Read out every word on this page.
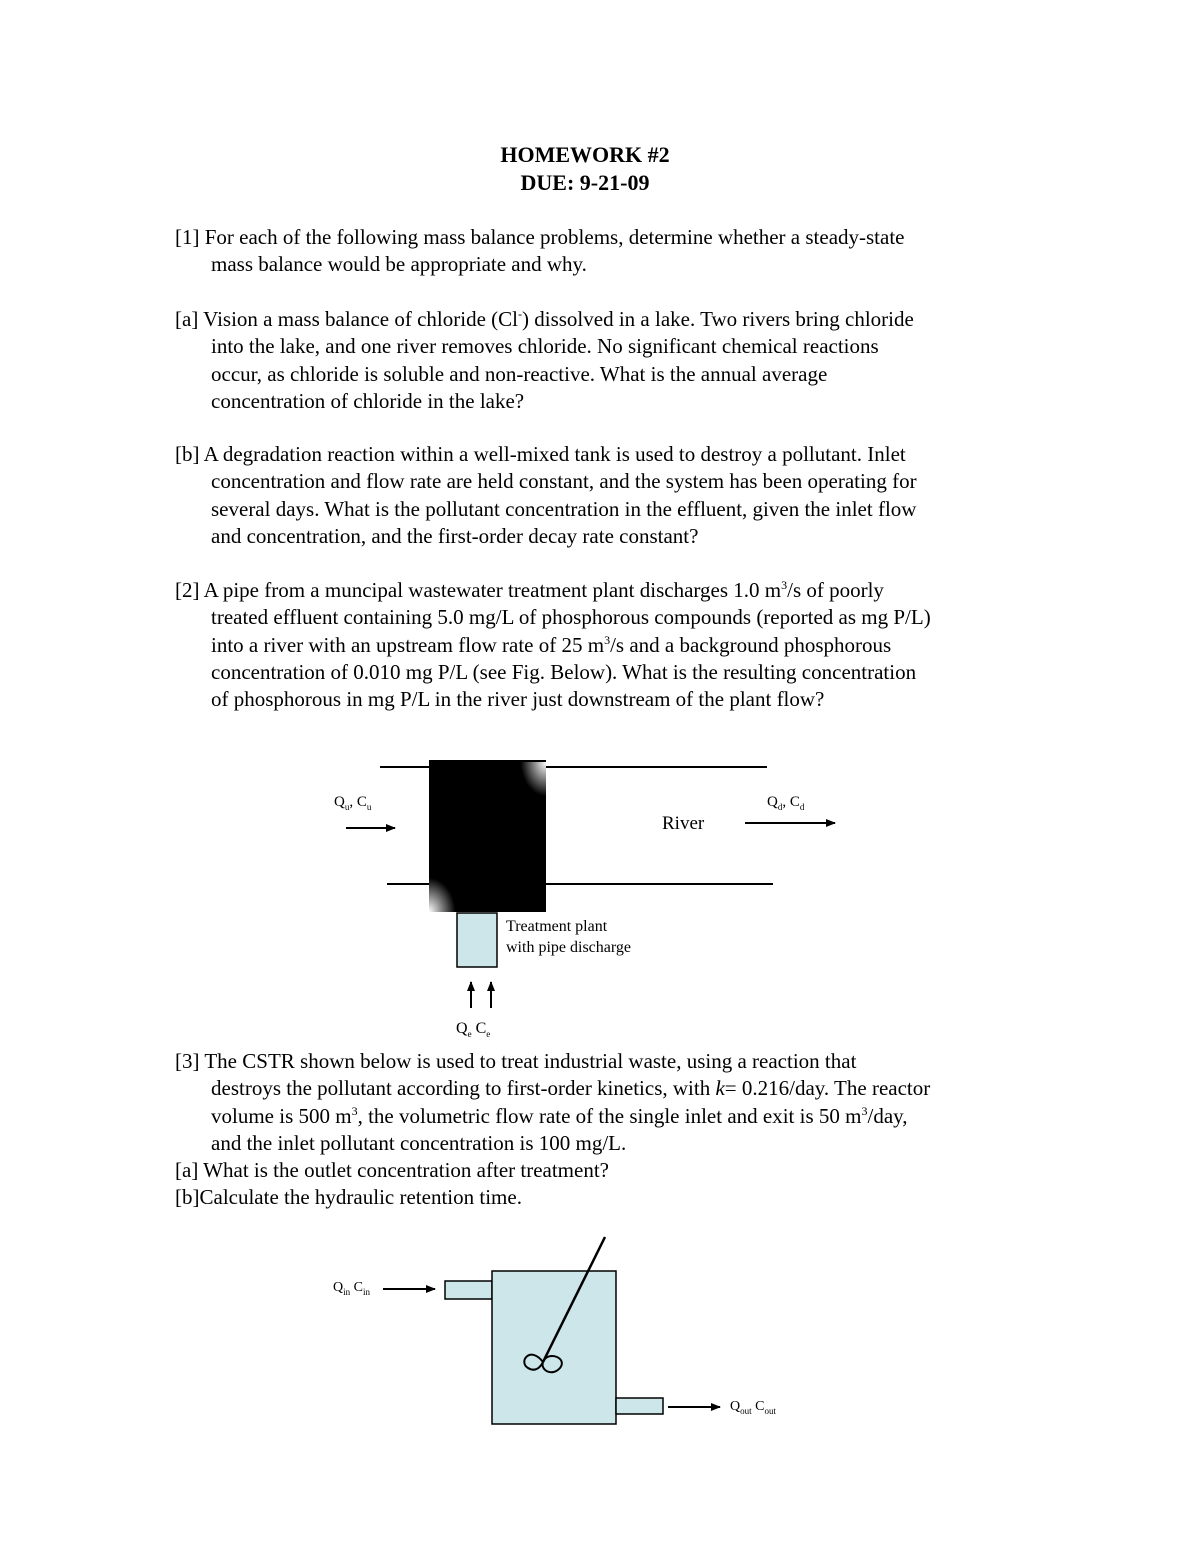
HOMEWORK #2
DUE: 9-21-09
[1] For each of the following mass balance problems, determine whether a steady-state
mass balance would be appropriate and why.
[a] Vision a mass balance of chloride (Cl-) dissolved in a lake. Two rivers bring chloride
into the lake, and one river removes chloride. No significant chemical reactions
occur, as chloride is soluble and non-reactive. What is the annual average
concentration of chloride in the lake?
[b] A degradation reaction within a well-mixed tank is used to destroy a pollutant. Inlet
concentration and flow rate are held constant, and the system has been operating for
several days. What is the pollutant concentration in the effluent, given the inlet flow
and concentration, and the first-order decay rate constant?
[2] A pipe from a muncipal wastewater treatment plant discharges 1.0 $m^3/s$ of poorly
treated effluent containing 5.0 mg/L of phosphorous compounds (reported as mg P/L)
into a river with an upstream flow rate of 25 $m^3/s$ and a background phosphorous
concentration of 0.010 mg P/L (see Fig. Below). What is the resulting concentration
of phosphorous in mg P/L in the river just downstream of the plant flow?
$Q_u$, $C_u$	$Q_d$, $C_d$
River
Treatment plant
with pipe discharge
$Q_e$ $C_e$
[3] The CSTR shown below is used to treat industrial waste, using a reaction that
destroys the pollutant according to first-order kinetics, with k= 0.216/day. The reactor
volume is 500 $m^3$, the volumetric flow rate of the single inlet and exit is 50 $m^3$/day,
and the inlet pollutant concentration is 100 mg/L.
[a] What is the outlet concentration after treatment?
[b]Calculate the hydraulic retention time.
$Q_{in}$ $C_{in}$
$Q_{out}$ $C_{out}$
